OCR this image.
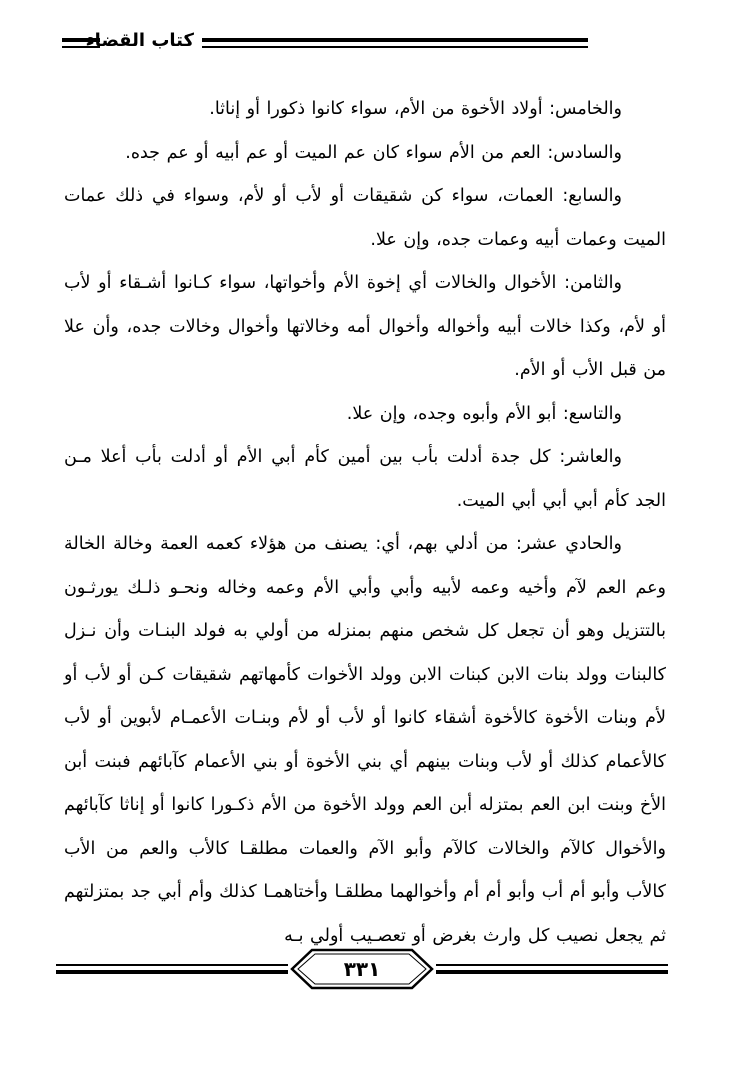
كتاب القضاء

والخامس: أولاد الأخوة من الأم، سواء كانوا ذكورا أو إناثا.

والسادس: العم من الأم سواء كان عم الميت أو عم أبيه أو عم جده.

والسابع: العمات، سواء كن شقيقات أو لأب أو لأم، وسواء في ذلك عمات الميت وعمات أبيه وعمات جده، وإن علا.

والثامن: الأخوال والخالات أي إخوة الأم وأخواتها، سواء كـانوا أشـقاء أو لأب أو لأم، وكذا خالات أبيه وأخواله وأخوال أمه وخالاتها وأخوال وخالات جده، وأن علا من قبل الأب أو الأم.

والتاسع: أبو الأم وأبوه وجده، وإن علا.

والعاشر: كل جدة أدلت بأب بين أمين كأم أبي الأم أو أدلت بأب أعلا مـن الجد كأم أبي أبي أبي الميت.

والحادي عشر: من أدلي بهم، أي: يصنف من هؤلاء كعمه العمة وخالة الخالة وعم العم لآم وأخيه وعمه لأبيه وأبي وأبي الأم وعمه وخاله ونحـو ذلـك يورثـون بالتتزيل وهو أن تجعل كل شخص منهم بمنزله من أولي به فولد البنـات وأن نـزل كالبنات وولد بنات الابن كبنات الابن وولد الأخوات كأمهاتهم شقيقات كـن أو لأب أو لأم وبنات الأخوة كالأخوة أشقاء كانوا أو لأب أو لأم وبنـات الأعمـام لأبوين أو لأب كالأعمام كذلك أو لأب وبنات بينهم أي بني الأخوة أو بني الأعمام كآبائهم فبنت أبن الأخ وبنت ابن العم بمتزله أبن العم وولد الأخوة من الأم ذكـورا كانوا أو إناثا كآبائهم والأخوال كالآم والخالات كالآم وأبو الآم والعمات مطلقـا كالأب والعم من الأب كالأب وأبو أم أب وأبو أم أم وأخوالهما مطلقـا وأختاهمـا كذلك وأم أبي جد بمتزلتهم ثم يجعل نصيب كل وارث بغرض أو تعصـيب أولي بـه

٣٣١
